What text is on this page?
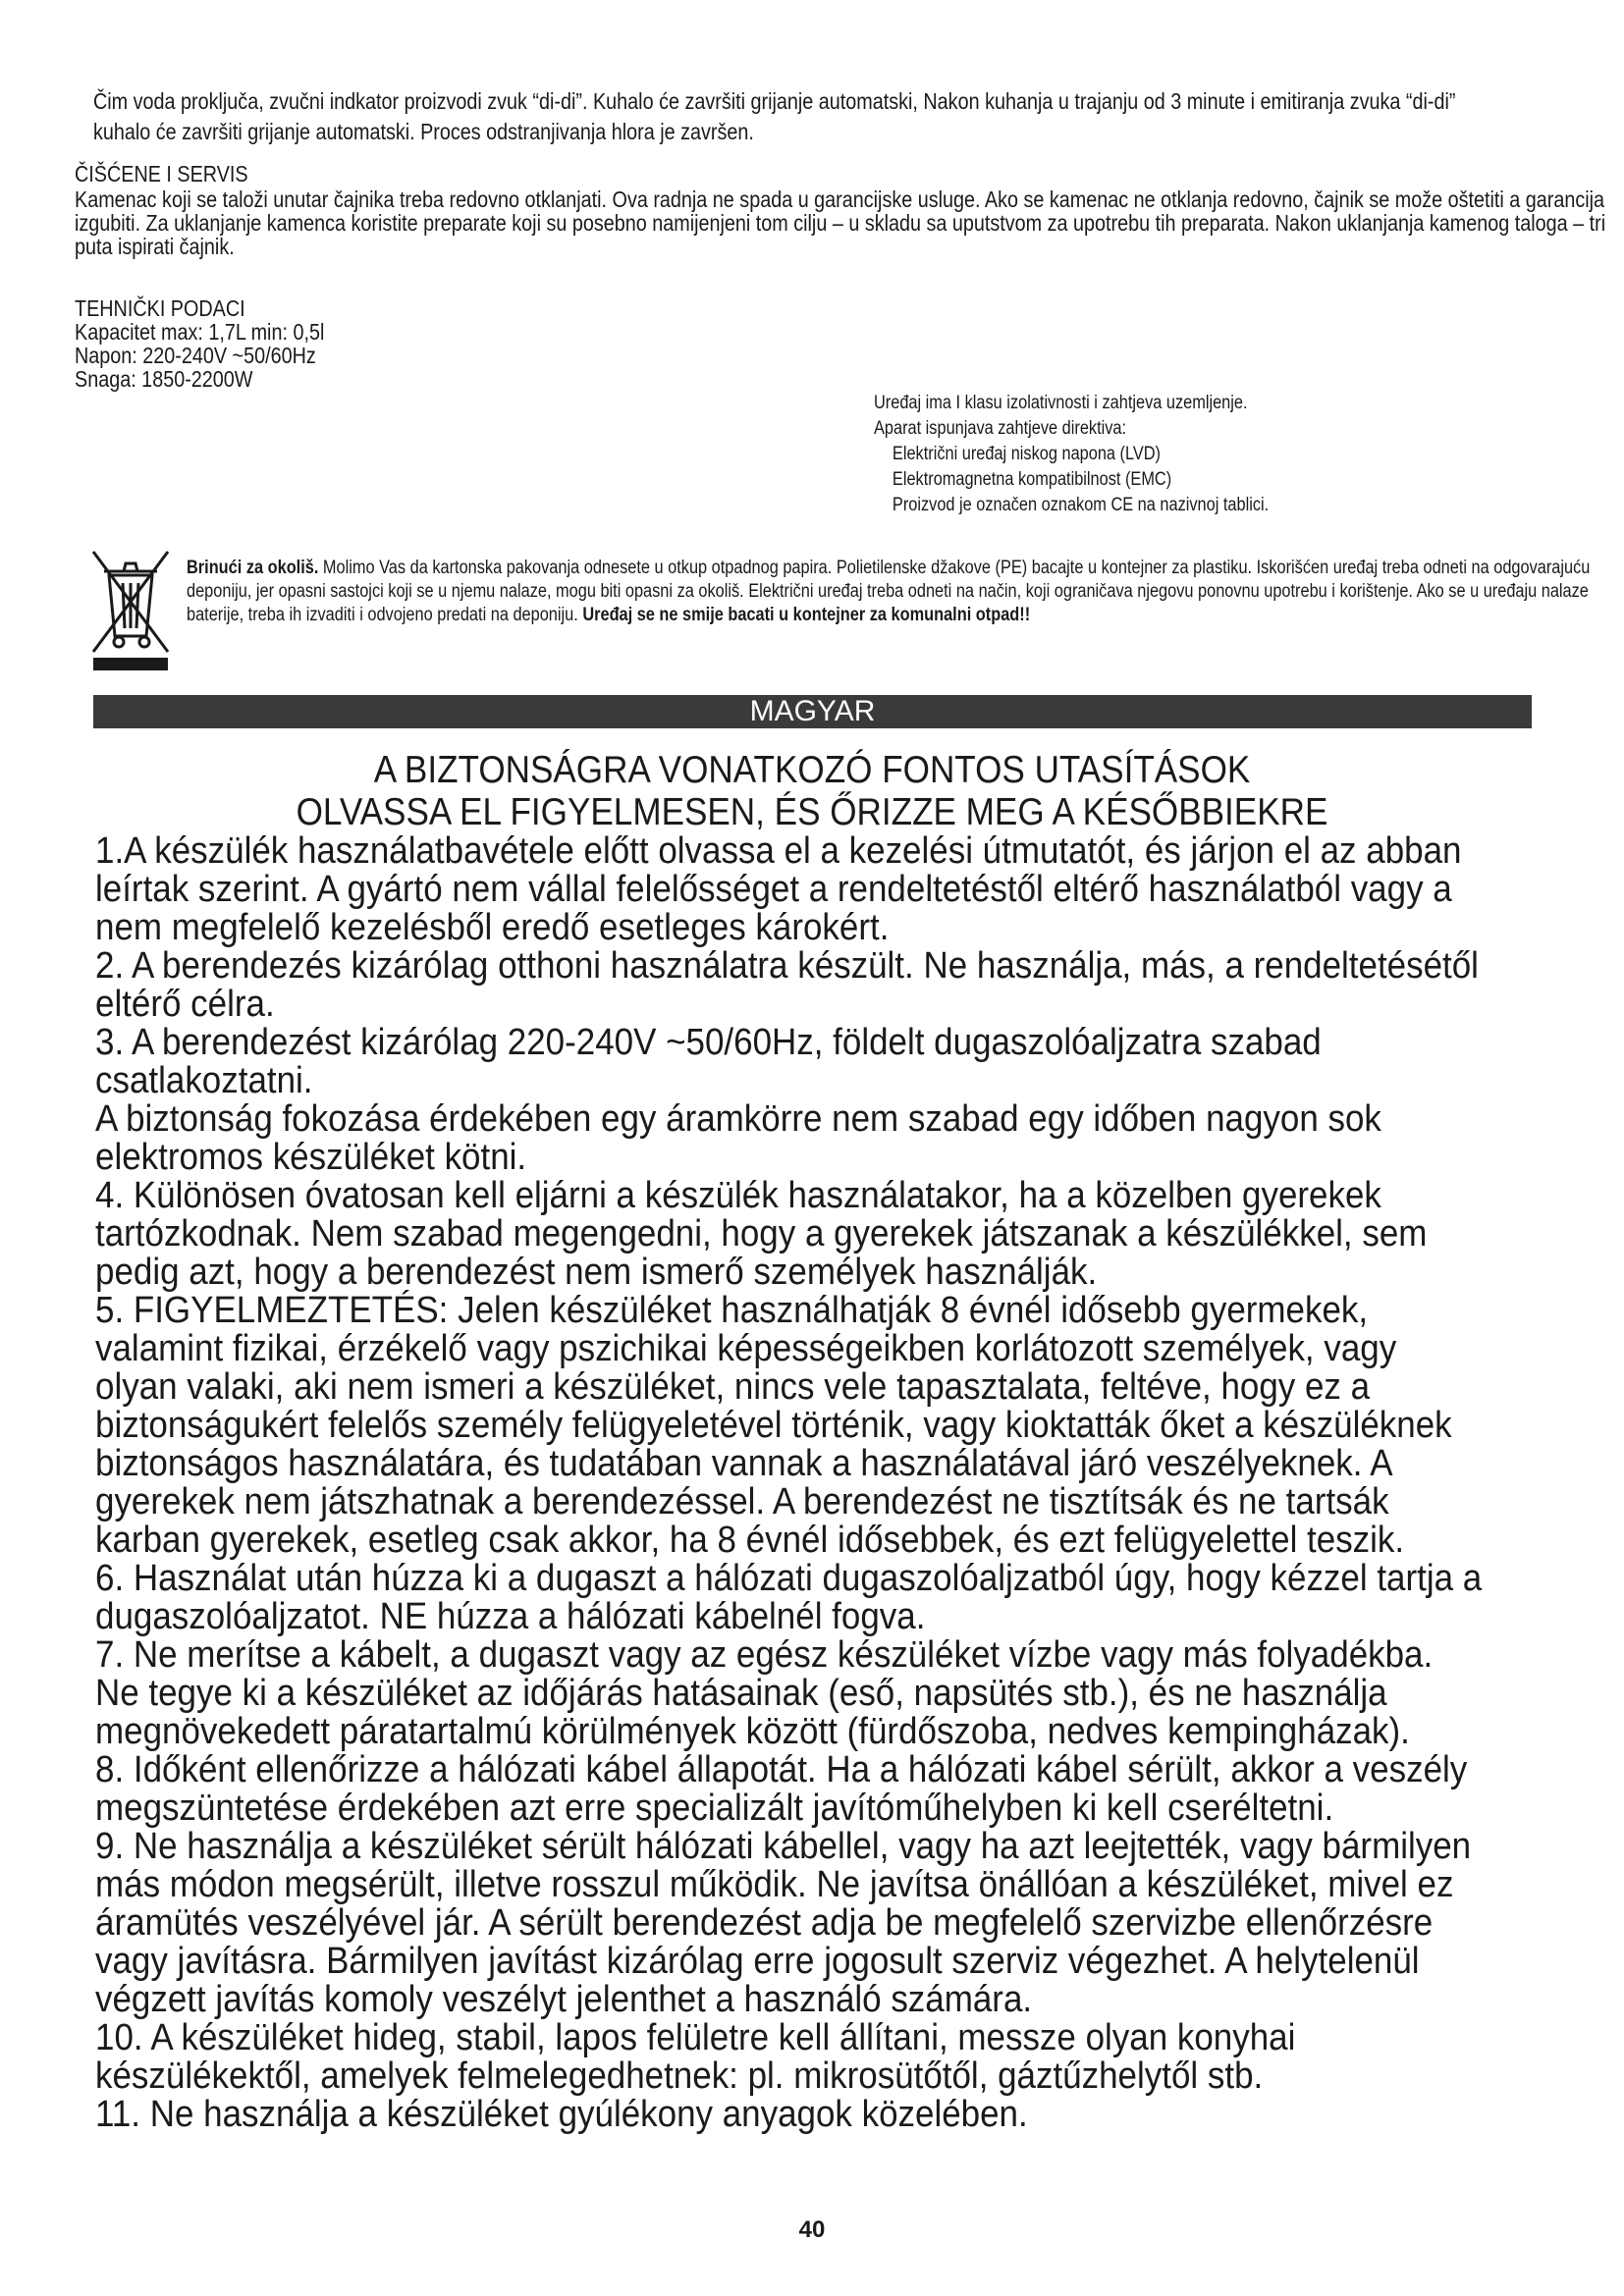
Čim voda proključa, zvučni indkator proizvodi zvuk “di-di”. Kuhalo će završiti grijanje automatski, Nakon kuhanja u trajanju od 3 minute i emitiranja zvuka “di-di” kuhalo će završiti grijanje automatski. Proces odstranjivanja hlora je završen.

ČIŠĆENE I SERVIS

Kamenac koji se taloži unutar čajnika treba redovno otklanjati. Ova radnja ne spada u garancijske usluge. Ako se kamenac ne otklanja redovno, čajnik se može oštetiti a garancija izgubiti. Za uklanjanje kamenca koristite preparate koji su posebno namijenjeni tom cilju – u skladu sa uputstvom za upotrebu tih preparata. Nakon uklanjanja kamenog taloga – tri puta ispirati čajnik.

TEHNIČKI PODACI
Kapacitet max: 1,7L min: 0,5l
Napon: 220-240V ~50/60Hz
Snaga: 1850-2200W
Uređaj ima I klasu izolativnosti i zahtjeva uzemljenje.
Aparat ispunjava zahtjeve direktiva:
Električni uređaj niskog napona (LVD)
Elektromagnetna kompatibilnost (EMC)
Proizvod je označen oznakom CE na nazivnoj tablici.

Brinući za okoliš. Molimo Vas da kartonska pakovanja odnesete u otkup otpadnog papira. Polietilenske džakove (PE) bacajte u kontejner za plastiku. Iskorišćen uređaj treba odneti na odgovarajuću deponiju, jer opasni sastojci koji se u njemu nalaze, mogu biti opasni za okoliš. Električni uređaj treba odneti na način, koji ograničava njegovu ponovnu upotrebu i korištenje. Ako se u uređaju nalaze baterije, treba ih izvaditi i odvojeno predati na deponiju. Uređaj se ne smije bacati u kontejner za komunalni otpad!!

MAGYAR
A BIZTONSÁGRA VONATKOZÓ FONTOS UTASÍTÁSOK
OLVASSA EL FIGYELMESEN, ÉS ŐRIZZE MEG A KÉSŐBBIEKRE

1.A készülék használatbavétele előtt olvassa el a kezelési útmutatót, és járjon el az abban leírtak szerint. A gyártó nem vállal felelősséget a rendeltetéstől eltérő használatból vagy a nem megfelelő kezelésből eredő esetleges károkért.

2. A berendezés kizárólag otthoni használatra készült. Ne használja, más, a rendeltetésétől eltérő célra.

3. A berendezést kizárólag 220-240V ~50/60Hz, földelt dugaszolóaljzatra szabad csatlakoztatni.

A biztonság fokozása érdekében egy áramkörre nem szabad egy időben nagyon sok elektromos készüléket kötni.

4. Különösen óvatosan kell eljárni a készülék használatakor, ha a közelben gyerekek tartózkodnak. Nem szabad megengedni, hogy a gyerekek játszanak a készülékkel, sem pedig azt, hogy a berendezést nem ismerő személyek használják.

5. FIGYELMEZTETÉS: Jelen készüléket használhatják 8 évnél idősebb gyermekek, valamint fizikai, érzékelő vagy pszichikai képességeikben korlátozott személyek, vagy olyan valaki, aki nem ismeri a készüléket, nincs vele tapasztalata, feltéve, hogy ez a biztonságukért felelős személy felügyeletével történik, vagy kioktatták őket a készüléknek biztonságos használatára, és tudatában vannak a használatával járó veszélyeknek. A gyerekek nem játszhatnak a berendezéssel. A berendezést ne tisztítsák és ne tartsák karban gyerekek, esetleg csak akkor, ha 8 évnél idősebbek, és ezt felügyelettel teszik.

6. Használat után húzza ki a dugaszt a hálózati dugaszolóaljzatból úgy, hogy kézzel tartja a dugaszolóaljzatot. NE húzza a hálózati kábelnél fogva.

7. Ne merítse a kábelt, a dugaszt vagy az egész készüléket vízbe vagy más folyadékba. Ne tegye ki a készüléket az időjárás hatásainak (eső, napsütés stb.), és ne használja megnövekedett páratartalmú körülmények között (fürdőszoba, nedves kempingházak).

8. Időként ellenőrizze a hálózati kábel állapotát. Ha a hálózati kábel sérült, akkor a veszély megszüntetése érdekében azt erre specializált javítóműhelyben ki kell cseréltetni.

9. Ne használja a készüléket sérült hálózati kábellel, vagy ha azt leejtették, vagy bármilyen más módon megsérült, illetve rosszul működik. Ne javítsa önállóan a készüléket, mivel ez áramütés veszélyével jár. A sérült berendezést adja be megfelelő szervizbe ellenőrzésre vagy javításra. Bármilyen javítást kizárólag erre jogosult szerviz végezhet. A helytelenül végzett javítás komoly veszélyt jelenthet a használó számára.

10. A készüléket hideg, stabil, lapos felületre kell állítani, messze olyan konyhai készülékektől, amelyek felmelegedhetnek: pl. mikrosütőtől, gáztűzhelytől stb.

11. Ne használja a készüléket gyúlékony anyagok közelében.

40
